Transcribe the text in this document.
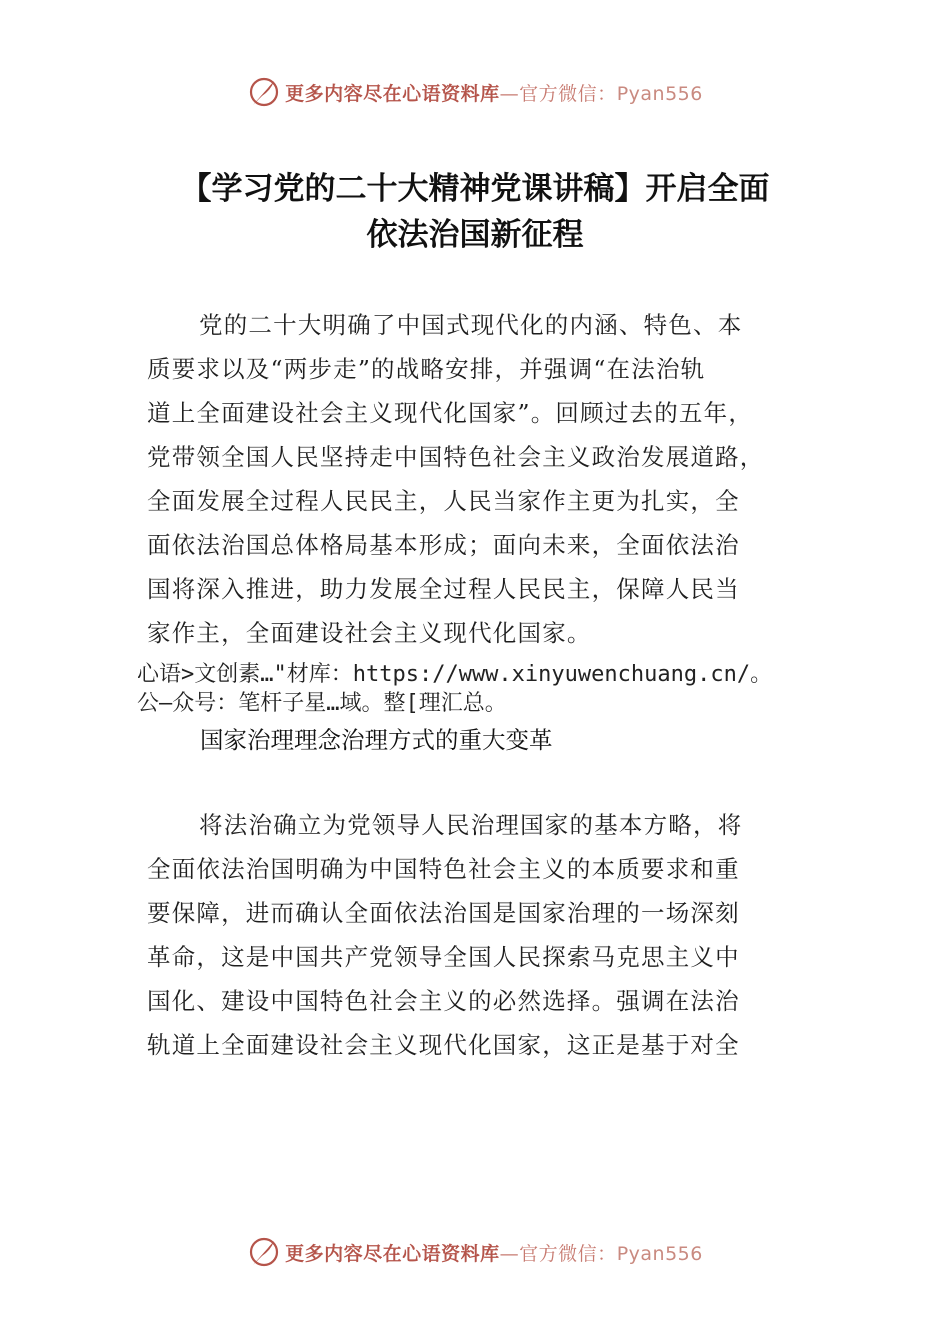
更多内容尽在心语资料库—官方微信：Pyan556
【学习党的二十大精神党课讲稿】开启全面
依法治国新征程
党的二十大明确了中国式现代化的内涵、特色、本
质要求以及“两步走”的战略安排，并强调“在法治轨
道上全面建设社会主义现代化国家”。回顾过去的五年，
党带领全国人民坚持走中国特色社会主义政治发展道路，
全面发展全过程人民民主，人民当家作主更为扎实，全
面依法治国总体格局基本形成；面向未来，全面依法治
国将深入推进，助力发展全过程人民民主，保障人民当
家作主，全面建设社会主义现代化国家。
心语>文创素…"材库：https://www.xinyuwenchuang.cn/。
公—众号：笔杆子星…域。整[理汇总。
国家治理理念治理方式的重大变革
将法治确立为党领导人民治理国家的基本方略，将
全面依法治国明确为中国特色社会主义的本质要求和重
要保障，进而确认全面依法治国是国家治理的一场深刻
革命，这是中国共产党领导全国人民探索马克思主义中
国化、建设中国特色社会主义的必然选择。强调在法治
轨道上全面建设社会主义现代化国家，这正是基于对全
更多内容尽在心语资料库—官方微信：Pyan556
